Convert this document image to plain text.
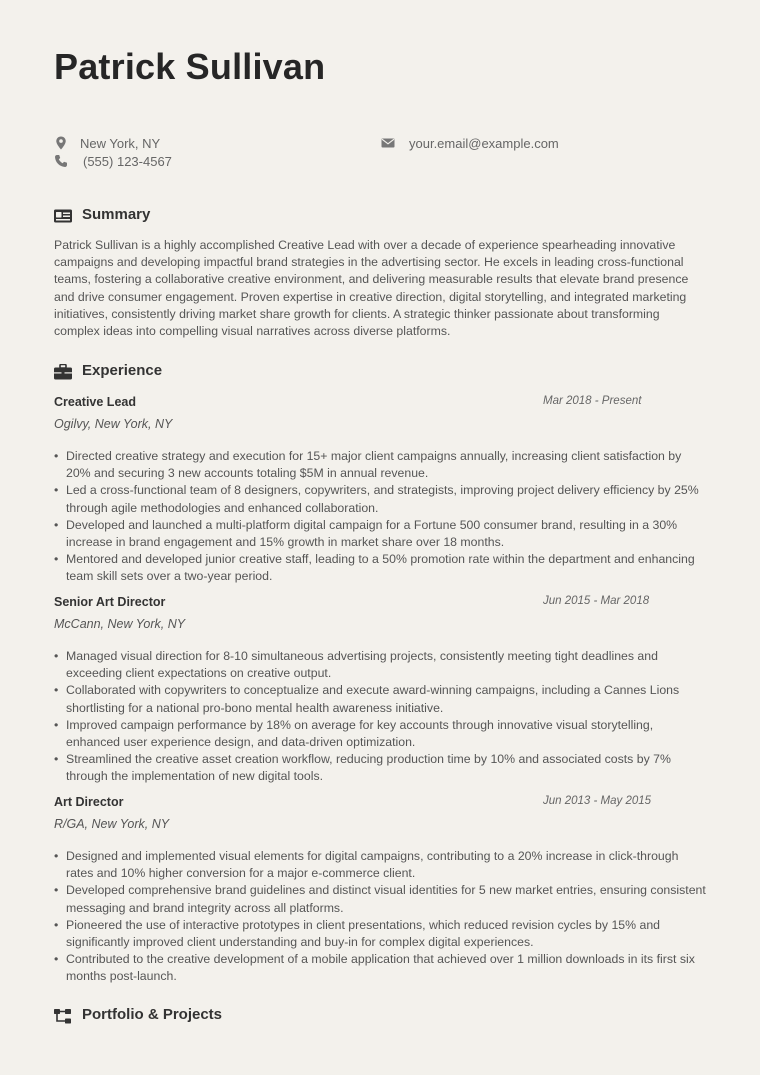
Patrick Sullivan
New York, NY
(555) 123-4567
your.email@example.com
Summary

Patrick Sullivan is a highly accomplished Creative Lead with over a decade of experience spearheading innovative campaigns and developing impactful brand strategies in the advertising sector. He excels in leading cross-functional teams, fostering a collaborative creative environment, and delivering measurable results that elevate brand presence and drive consumer engagement. Proven expertise in creative direction, digital storytelling, and integrated marketing initiatives, consistently driving market share growth for clients. A strategic thinker passionate about transforming complex ideas into compelling visual narratives across diverse platforms.

Experience
Creative Lead	Mar 2018 - Present
Ogilvy, New York, NY
• Directed creative strategy and execution for 15+ major client campaigns annually, increasing client satisfaction by 20% and securing 3 new accounts totaling $5M in annual revenue.
• Led a cross-functional team of 8 designers, copywriters, and strategists, improving project delivery efficiency by 25% through agile methodologies and enhanced collaboration.
• Developed and launched a multi-platform digital campaign for a Fortune 500 consumer brand, resulting in a 30% increase in brand engagement and 15% growth in market share over 18 months.
• Mentored and developed junior creative staff, leading to a 50% promotion rate within the department and enhancing team skill sets over a two-year period.
Senior Art Director	Jun 2015 - Mar 2018
McCann, New York, NY
• Managed visual direction for 8-10 simultaneous advertising projects, consistently meeting tight deadlines and exceeding client expectations on creative output.
• Collaborated with copywriters to conceptualize and execute award-winning campaigns, including a Cannes Lions shortlisting for a national pro-bono mental health awareness initiative.
• Improved campaign performance by 18% on average for key accounts through innovative visual storytelling, enhanced user experience design, and data-driven optimization.
• Streamlined the creative asset creation workflow, reducing production time by 10% and associated costs by 7% through the implementation of new digital tools.
Art Director	Jun 2013 - May 2015
R/GA, New York, NY
• Designed and implemented visual elements for digital campaigns, contributing to a 20% increase in click-through rates and 10% higher conversion for a major e-commerce client.
• Developed comprehensive brand guidelines and distinct visual identities for 5 new market entries, ensuring consistent messaging and brand integrity across all platforms.
• Pioneered the use of interactive prototypes in client presentations, which reduced revision cycles by 15% and significantly improved client understanding and buy-in for complex digital experiences.
• Contributed to the creative development of a mobile application that achieved over 1 million downloads in its first six months post-launch.
Portfolio & Projects
